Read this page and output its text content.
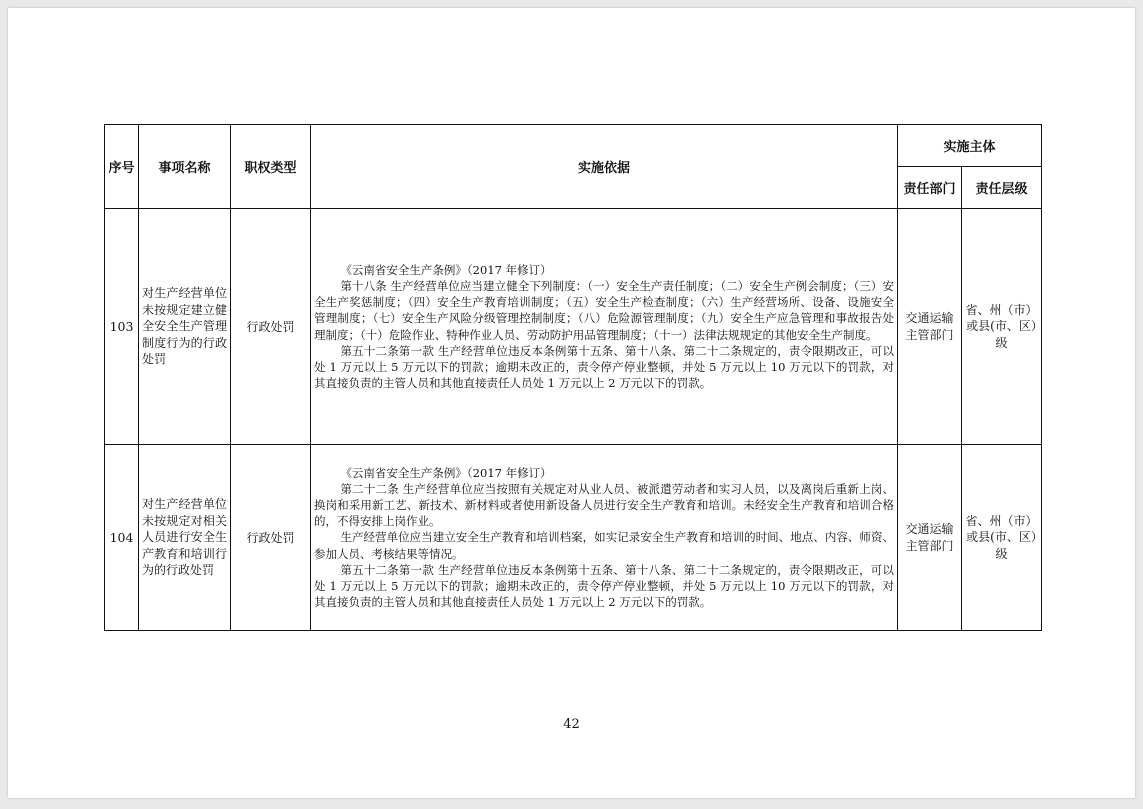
序号	事项名称	职权类型	实施依据	实施主体	
				责任部门	责任层级
103	对生产经营单位未按规定建立健全安全生产管理制度行为的行政处罚	行政处罚	《云南省安全生产条例》（2017 年修订）

第十八条 生产经营单位应当建立健全下列制度：（一）安全生产责任制度；（二）安全生产例会制度；（三）安全生产奖惩制度；（四）安全生产教育培训制度；（五）安全生产检查制度；（六）生产经营场所、设备、设施安全管理制度；（七）安全生产风险分级管理控制制度；（八）危险源管理制度；（九）安全生产应急管理和事故报告处理制度；（十）危险作业、特种作业人员、劳动防护用品管理制度；（十一）法律法规规定的其他安全生产制度。

第五十二条第一款 生产经营单位违反本条例第十五条、第十八条、第二十二条规定的，责令限期改正，可以处 1 万元以上 5 万元以下的罚款；逾期未改正的，责令停产停业整顿，并处 5 万元以上 10 万元以下的罚款，对其直接负责的主管人员和其他直接责任人员处 1 万元以上 2 万元以下的罚款。	交通运输主管部门	省、州（市）或县(市、区）级
104	对生产经营单位未按规定对相关人员进行安全生产教育和培训行为的行政处罚	行政处罚	《云南省安全生产条例》（2017 年修订）

第二十二条 生产经营单位应当按照有关规定对从业人员、被派遣劳动者和实习人员，以及离岗后重新上岗、换岗和采用新工艺、新技术、新材料或者使用新设备人员进行安全生产教育和培训。未经安全生产教育和培训合格的，不得安排上岗作业。

生产经营单位应当建立安全生产教育和培训档案，如实记录安全生产教育和培训的时间、地点、内容、师资、参加人员、考核结果等情况。

第五十二条第一款 生产经营单位违反本条例第十五条、第十八条、第二十二条规定的，责令限期改正，可以处 1 万元以上 5 万元以下的罚款；逾期未改正的，责令停产停业整顿，并处 5 万元以上 10 万元以下的罚款，对其直接负责的主管人员和其他直接责任人员处 1 万元以上 2 万元以下的罚款。	交通运输主管部门	省、州（市）或县(市、区）级
42
